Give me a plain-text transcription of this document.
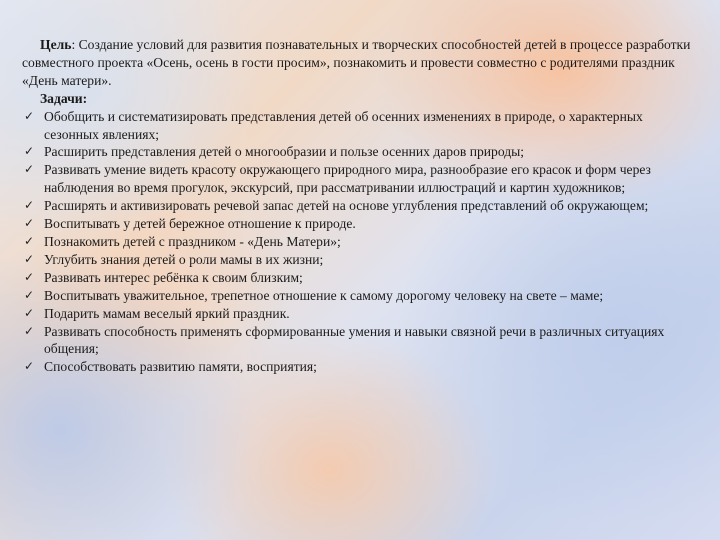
Цель: Создание условий для развития познавательных и творческих способностей детей в процессе разработки совместного проекта «Осень, осень в гости просим», познакомить и провести совместно с родителями праздник «День матери».

Задачи:

✓ Обобщить и систематизировать представления детей об осенних изменениях в природе, о характерных сезонных явлениях;
✓ Расширить представления детей о многообразии и пользе осенних даров природы;
✓ Развивать умение видеть красоту окружающего природного мира, разнообразие его красок и форм через наблюдения во время прогулок, экскурсий, при рассматривании иллюстраций и картин художников;
✓ Расширять и активизировать речевой запас детей на основе углубления представлений об окружающем;
✓ Воспитывать у детей бережное отношение к природе.
✓ Познакомить детей с праздником - «День Матери»;
✓ Углубить знания детей о роли мамы в их жизни;
✓ Развивать интерес ребёнка к своим близким;
✓ Воспитывать уважительное, трепетное отношение к самому дорогому человеку на свете – маме;
✓ Подарить мамам веселый яркий праздник.
✓ Развивать способность применять сформированные умения и навыки связной речи в различных ситуациях общения;
✓ Способствовать развитию памяти, восприятия;
